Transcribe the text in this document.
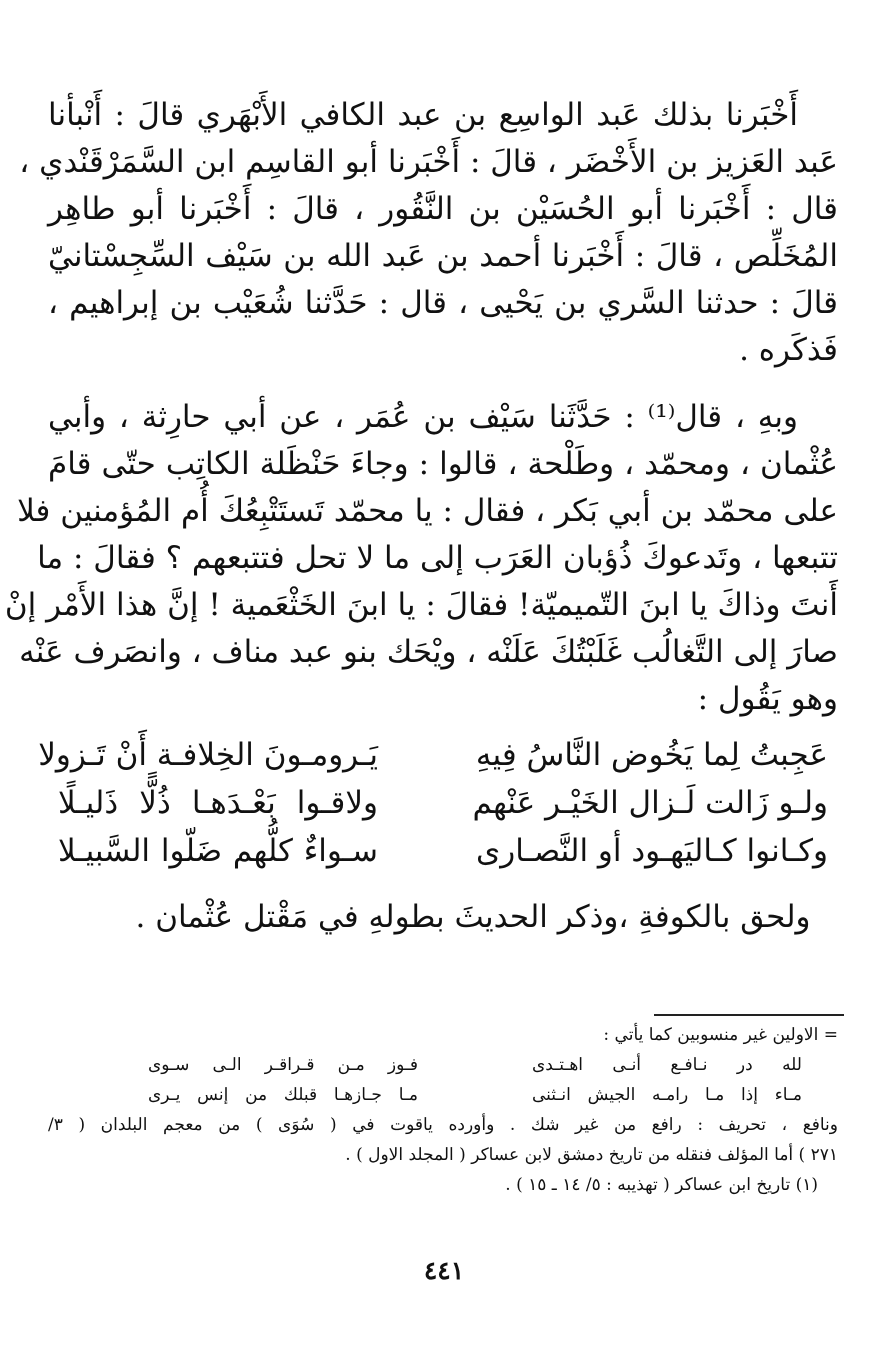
أَخْبَرنا بذلك عَبد الواسِع بن عبد الكافي الأَبْهَري قالَ : أَنْبأنا
عَبد العَزيز بن الأَخْضَر ، قالَ : أَخْبَرنا أبو القاسِم ابن السَّمَرْقَنْدي ،
قال : أَخْبَرنا أبو الحُسَيْن بن النَّقُور ، قالَ : أَخْبَرنا أبو طاهِر
المُخَلِّص ، قالَ : أَخْبَرنا أحمد بن عَبد الله بن سَيْف السِّجِسْتانيّ
قالَ : حدثنا السَّري بن يَحْيى ، قال : حَدَّثنا شُعَيْب بن إبراهيم ،
فَذكَره .
وبهِ ، قال⁽¹⁾ : حَدَّثَنا سَيْف بن عُمَر ، عن أبي حارِثة ، وأبي
عُثْمان ، ومحمّد ، وطَلْحة ، قالوا : وجاءَ حَنْظَلة الكاتِب حتّى قامَ
على محمّد بن أبي بَكر ، فقال : يا محمّد تَستَتْبِعُكَ أُم المُؤمنين فلا
تتبعها ، وتَدعوكَ ذُؤبان العَرَب إلى ما لا تحل فتتبعهم ؟ فقالَ : ما
أَنتَ وذاكَ يا ابنَ التّميميّة! فقالَ : يا ابنَ الخَثْعَمية ! إنَّ هذا الأَمْر إنْ
صارَ إلى التَّغالُب غَلَبْتُكَ عَلَنْه ، ويْحَك بنو عبد مناف ، وانصَرف عَنْه
وهو يَقُول :
عَجِبتُ لِما يَخُوض النَّاسُ فِيهِ
يَـرومـونَ الخِلافـة أَنْ تَـزولا
ولـو زَالت لَـزال الخَيْـر عَنْهم
ولاقـوا بَعْـدَهـا ذُلًّا ذَليـلًا
وكـانوا كـاليَهـود أو النَّصـارى
سـواءٌ كلُّهم ضَلّوا السَّبيـلا
ولحق بالكوفةِ ،وذكر الحديثَ بطولهِ في مَقْتل عُثْمان .
= الاولين غير منسوبين كما يأتي :
لله در نـافـع أنـى اهـتـدى
فـوز مـن قـراقـر الـى سـوى
مـاء إذا مـا رامـه الجيش انـثنى
مـا جـازهـا قبلك من إنس يـرى
ونافع ، تحريف : رافع من غير شك . وأورده ياقوت في ( سُوَى ) من معجم البلدان ( ٣/
٢٧١ ) أما المؤلف فنقله من تاريخ دمشق لابن عساكر ( المجلد الاول ) .
(١) تاريخ ابن عساكر ( تهذيبه : ٥/ ١٤ ـ ١٥ ) .
٤٤١
